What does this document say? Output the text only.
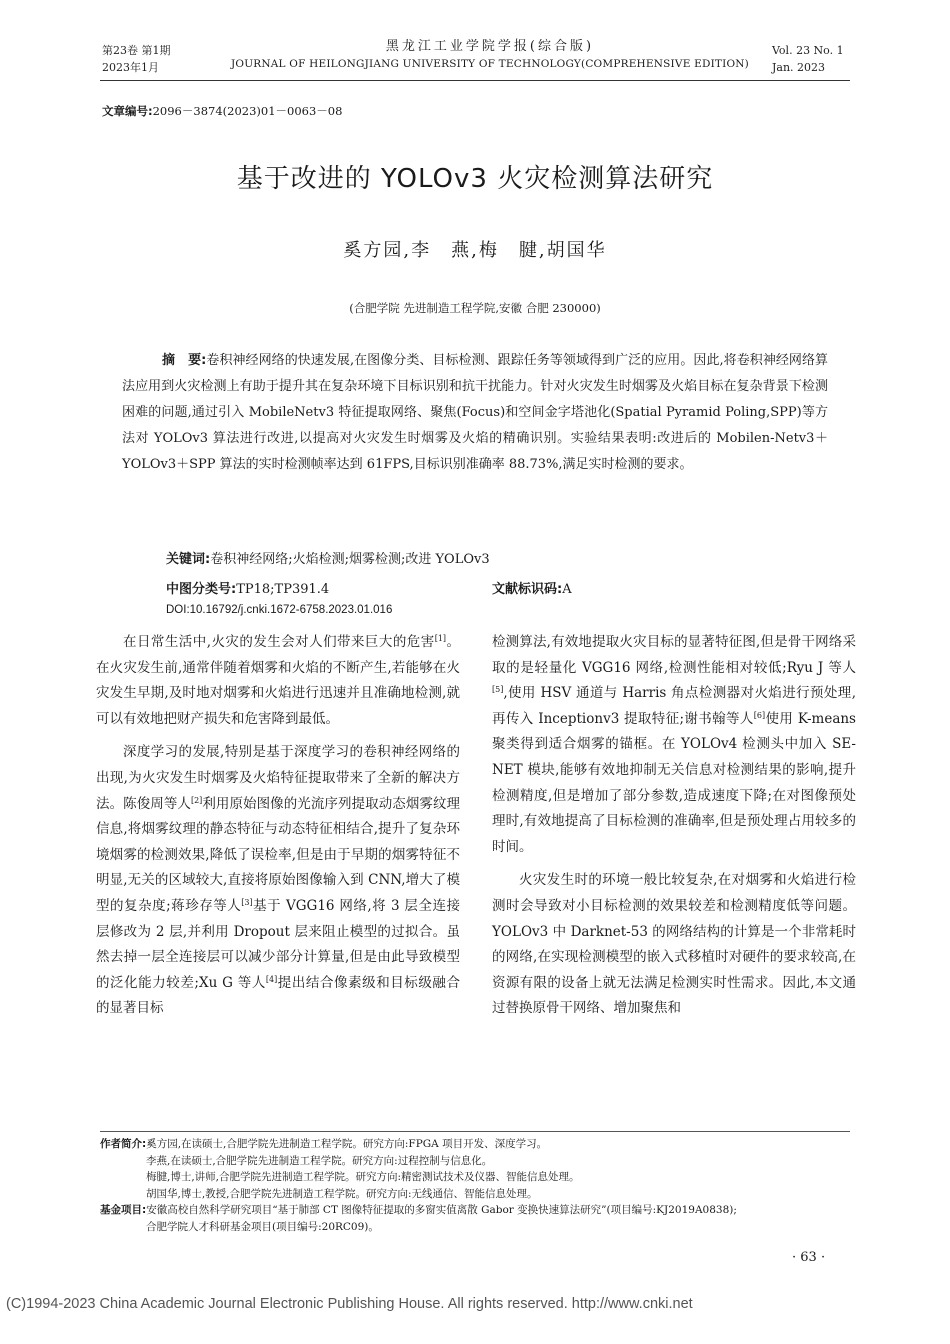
第23卷 第1期
2023年1月
黑龙江工业学院学报(综合版)
JOURNAL OF HEILONGJIANG UNIVERSITY OF TECHNOLOGY(COMPREHENSIVE EDITION)
Vol. 23 No. 1
Jan. 2023
文章编号:2096－3874(2023)01－0063－08
基于改进的 YOLOv3 火灾检测算法研究
奚方园,李　燕,梅　腱,胡国华
(合肥学院 先进制造工程学院,安徽 合肥 230000)
摘　要:卷积神经网络的快速发展,在图像分类、目标检测、跟踪任务等领域得到广泛的应用。因此,将卷积神经网络算法应用到火灾检测上有助于提升其在复杂环境下目标识别和抗干扰能力。针对火灾发生时烟雾及火焰目标在复杂背景下检测困难的问题,通过引入 MobileNetv3 特征提取网络、聚焦(Focus)和空间金字塔池化(Spatial Pyramid Poling,SPP)等方法对 YOLOv3 算法进行改进,以提高对火灾发生时烟雾及火焰的精确识别。实验结果表明:改进后的 Mobilen-Netv3＋YOLOv3＋SPP 算法的实时检测帧率达到 61FPS,目标识别准确率 88.73%,满足实时检测的要求。
关键词:卷积神经网络;火焰检测;烟雾检测;改进 YOLOv3
中图分类号:TP18;TP391.4	文献标识码:A
DOI:10.16792/j.cnki.1672-6758.2023.01.016

在日常生活中,火灾的发生会对人们带来巨大的危害[1]。在火灾发生前,通常伴随着烟雾和火焰的不断产生,若能够在火灾发生早期,及时地对烟雾和火焰进行迅速并且准确地检测,就可以有效地把财产损失和危害降到最低。

深度学习的发展,特别是基于深度学习的卷积神经网络的出现,为火灾发生时烟雾及火焰特征提取带来了全新的解决方法。陈俊周等人[2]利用原始图像的光流序列提取动态烟雾纹理信息,将烟雾纹理的静态特征与动态特征相结合,提升了复杂环境烟雾的检测效果,降低了误检率,但是由于早期的烟雾特征不明显,无关的区域较大,直接将原始图像输入到 CNN,增大了模型的复杂度;蒋珍存等人[3]基于 VGG16 网络,将 3 层全连接层修改为 2 层,并利用 Dropout 层来阻止模型的过拟合。虽然去掉一层全连接层可以减少部分计算量,但是由此导致模型的泛化能力较差;Xu G 等人[4]提出结合像素级和目标级融合的显著目标

检测算法,有效地提取火灾目标的显著特征图,但是骨干网络采取的是轻量化 VGG16 网络,检测性能相对较低;Ryu J 等人[5],使用 HSV 通道与 Harris 角点检测器对火焰进行预处理,再传入 Inceptionv3 提取特征;谢书翰等人[6]使用 K-means 聚类得到适合烟雾的锚框。在 YOLOv4 检测头中加入 SE-NET 模块,能够有效地抑制无关信息对检测结果的影响,提升检测精度,但是增加了部分参数,造成速度下降;在对图像预处理时,有效地提高了目标检测的准确率,但是预处理占用较多的时间。

火灾发生时的环境一般比较复杂,在对烟雾和火焰进行检测时会导致对小目标检测的效果较差和检测精度低等问题。YOLOv3 中 Darknet-53 的网络结构的计算是一个非常耗时的网络,在实现检测模型的嵌入式移植时对硬件的要求较高,在资源有限的设备上就无法满足检测实时性需求。因此,本文通过替换原骨干网络、增加聚焦和

作者简介:奚方园,在读硕士,合肥学院先进制造工程学院。研究方向:FPGA 项目开发、深度学习。
李燕,在读硕士,合肥学院先进制造工程学院。研究方向:过程控制与信息化。
梅腱,博士,讲师,合肥学院先进制造工程学院。研究方向:精密测试技术及仪器、智能信息处理。
胡国华,博士,教授,合肥学院先进制造工程学院。研究方向:无线通信、智能信息处理。
基金项目:安徽高校自然科学研究项目“基于肺部 CT 图像特征提取的多窗实值离散 Gabor 变换快速算法研究”(项目编号:KJ2019A0838);
合肥学院人才科研基金项目(项目编号:20RC09)。
· 63 ·
(C)1994-2023 China Academic Journal Electronic Publishing House. All rights reserved. http://www.cnki.net
